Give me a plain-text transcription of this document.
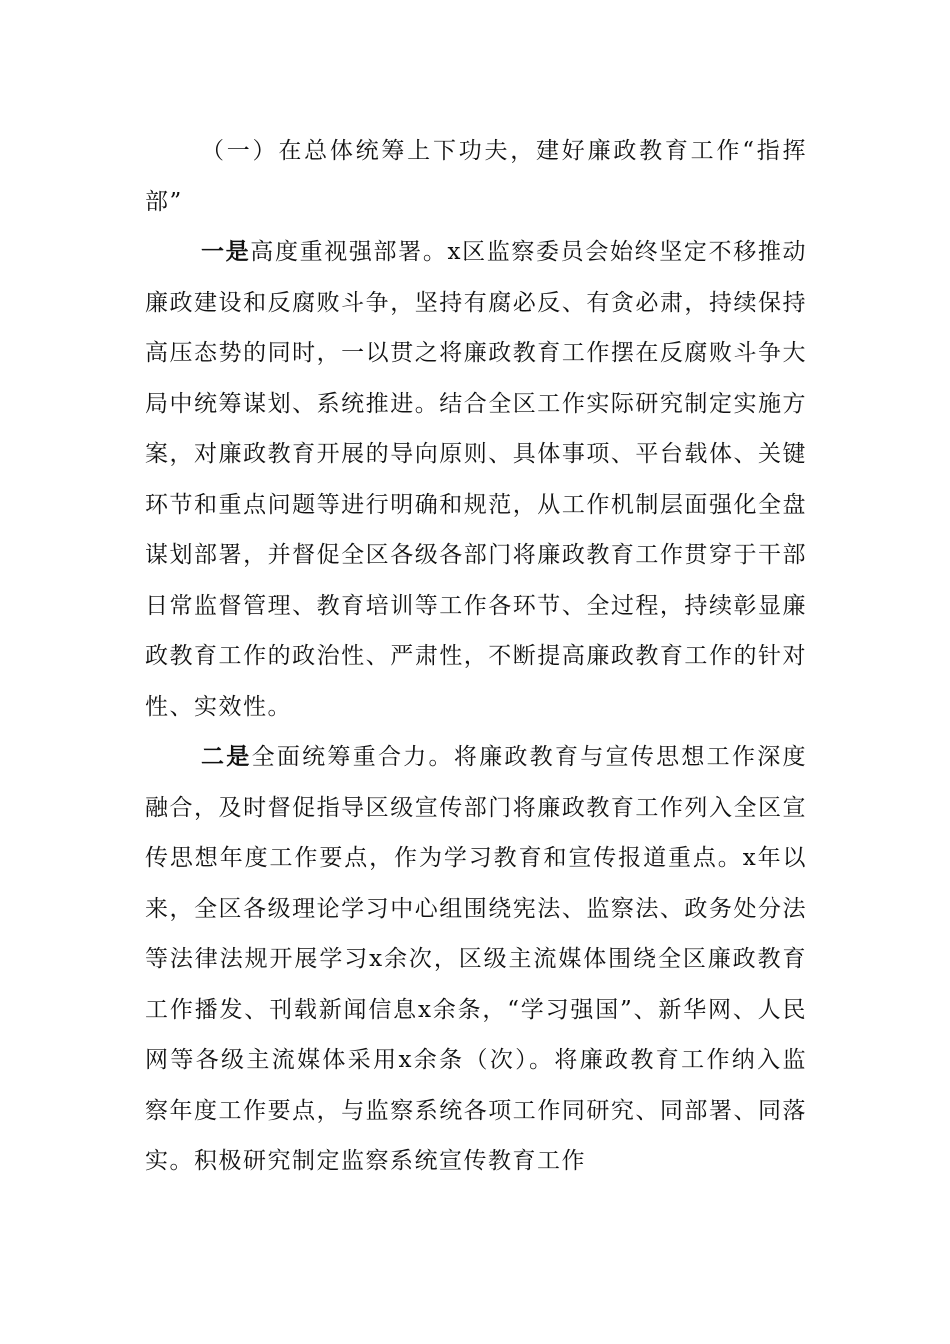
（一）在总体统筹上下功夫，建好廉政教育工作“指挥部”

一是高度重视强部署。x区监察委员会始终坚定不移推动廉政建设和反腐败斗争，坚持有腐必反、有贪必肃，持续保持高压态势的同时，一以贯之将廉政教育工作摆在反腐败斗争大局中统筹谋划、系统推进。结合全区工作实际研究制定实施方案，对廉政教育开展的导向原则、具体事项、平台载体、关键环节和重点问题等进行明确和规范，从工作机制层面强化全盘谋划部署，并督促全区各级各部门将廉政教育工作贯穿于干部日常监督管理、教育培训等工作各环节、全过程，持续彰显廉政教育工作的政治性、严肃性，不断提高廉政教育工作的针对性、实效性。

二是全面统筹重合力。将廉政教育与宣传思想工作深度融合，及时督促指导区级宣传部门将廉政教育工作列入全区宣传思想年度工作要点，作为学习教育和宣传报道重点。x年以来，全区各级理论学习中心组围绕宪法、监察法、政务处分法等法律法规开展学习x余次，区级主流媒体围绕全区廉政教育工作播发、刊载新闻信息x余条，“学习强国”、新华网、人民网等各级主流媒体采用x余条（次）。将廉政教育工作纳入监察年度工作要点，与监察系统各项工作同研究、同部署、同落实。积极研究制定监察系统宣传教育工作
